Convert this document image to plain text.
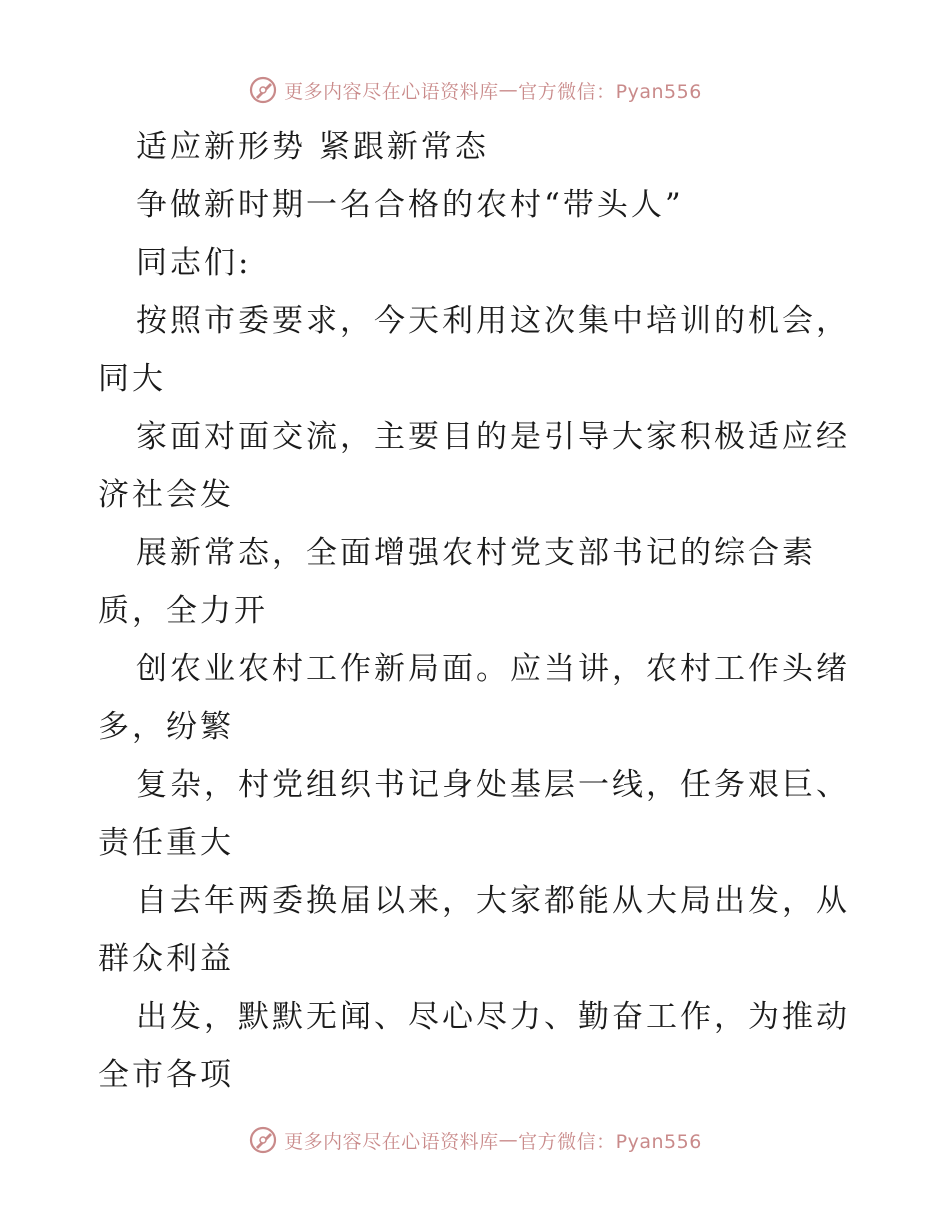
更多内容尽在心语资料库 — 官方微信：Pyan556
适应新形势 紧跟新常态
争做新时期一名合格的农村“带头人”
同志们:
按照市委要求，今天利用这次集中培训的机会，
同大
家面对面交流，主要目的是引导大家积极适应经
济社会发
展新常态，全面增强农村党支部书记的综合素
质，全力开
创农业农村工作新局面。应当讲，农村工作头绪
多，纷繁
复杂，村党组织书记身处基层一线，任务艰巨、
责任重大
自去年两委换届以来，大家都能从大局出发，从
群众利益
出发，默默无闻、尽心尽力、勤奋工作，为推动
全市各项
更多内容尽在心语资料库 — 官方微信：Pyan556
